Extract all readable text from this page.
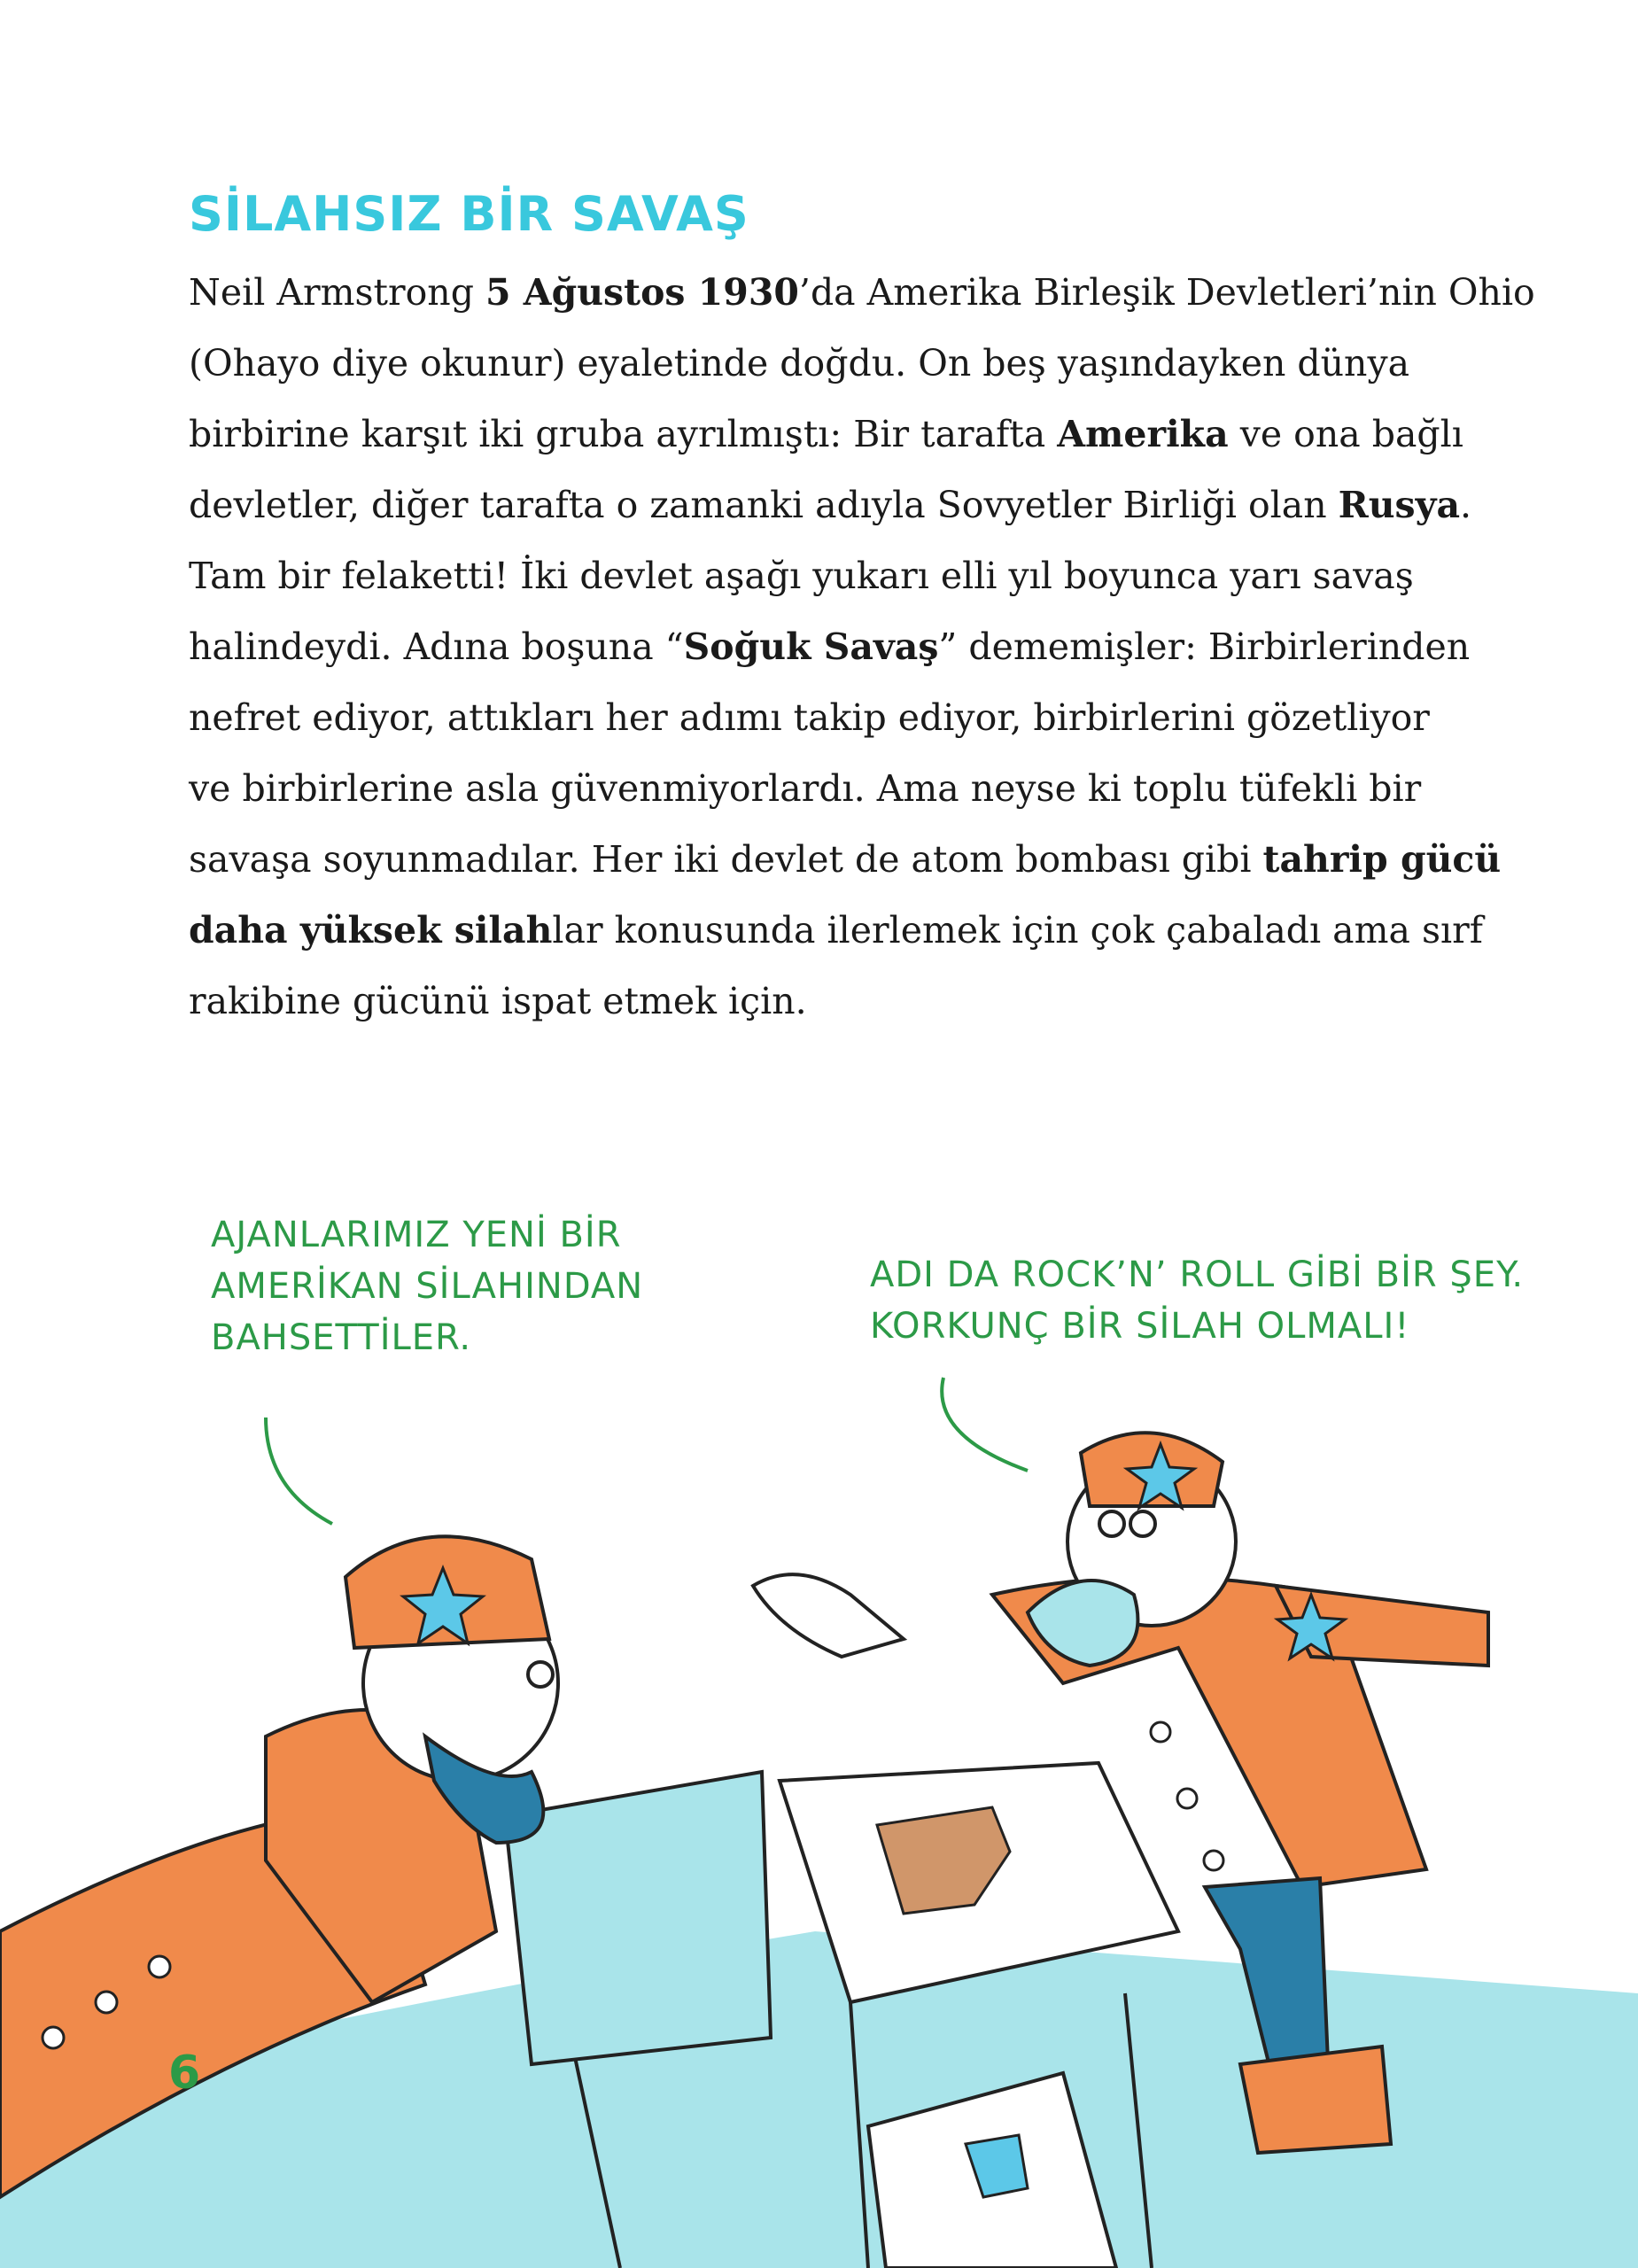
SİLAHSIZ BİR SAVAŞ
Neil Armstrong 5 Ağustos 1930’da Amerika Birleşik Devletleri’nin Ohio
(Ohayo diye okunur) eyaletinde doğdu. On beş yaşındayken dünya
birbirine karşıt iki gruba ayrılmıştı: Bir tarafta Amerika ve ona bağlı
devletler, diğer tarafta o zamanki adıyla Sovyetler Birliği olan Rusya.
Tam bir felaketti! İki devlet aşağı yukarı elli yıl boyunca yarı savaş
halindeydi. Adına boşuna “Soğuk Savaş” dememişler: Birbirlerinden
nefret ediyor, attıkları her adımı takip ediyor, birbirlerini gözetliyor
ve birbirlerine asla güvenmiyorlardı. Ama neyse ki toplu tüfekli bir
savaşa soyunmadılar. Her iki devlet de atom bombası gibi tahrip gücü
daha yüksek silahlar konusunda ilerlemek için çok çabaladı ama sırf
rakibine gücünü ispat etmek için.
AJANLARIMIZ YENİ BİR
AMERİKAN SİLAHINDAN
BAHSETTİLER.
ADI DA ROCK’N’ ROLL GİBİ BİR ŞEY.
KORKUNÇ BİR SİLAH OLMALI!
6
